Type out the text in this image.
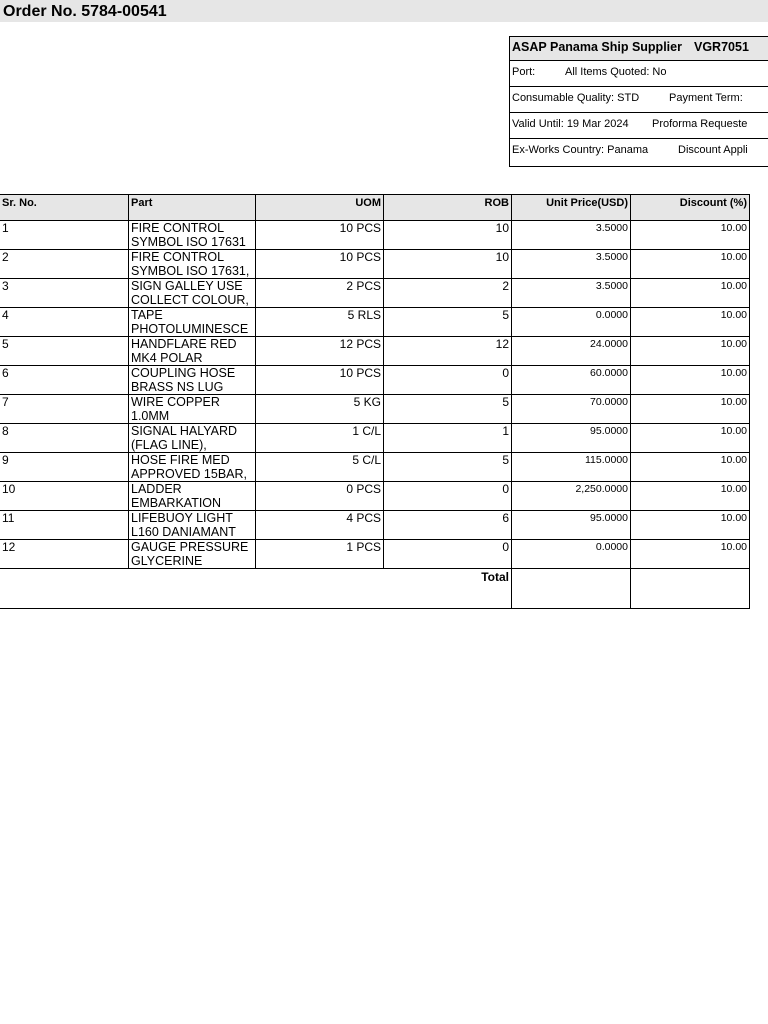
Order No. 5784-00541
ASAP Panama Ship Supplier VGR7051
Port:	All Items Quoted: No
Consumable Quality: STD	Payment Term:
Valid Until: 19 Mar 2024 Proforma Requeste
Ex-Works Country: Panama	Discount Appli
Sr. No.	Part	UOM	ROB	Unit Price(USD)	Discount (%)
1	FIRE CONTROL SYMBOL ISO 17631	10 PCS	10	3.5000	10.00
2	FIRE CONTROL SYMBOL ISO 17631,	10 PCS	10	3.5000	10.00
3	SIGN GALLEY USE COLLECT COLOUR,	2 PCS	2	3.5000	10.00
4	TAPE PHOTOLUMINESCE	5 RLS	5	0.0000	10.00
5	HANDFLARE RED MK4 POLAR	12 PCS	12	24.0000	10.00
6	COUPLING HOSE BRASS NS LUG	10 PCS	0	60.0000	10.00
7	WIRE COPPER 1.0MM	5 KG	5	70.0000	10.00
8	SIGNAL HALYARD (FLAG LINE),	1 C/L	1	95.0000	10.00
9	HOSE FIRE MED APPROVED 15BAR,	5 C/L	5	115.0000	10.00
10	LADDER EMBARKATION	0 PCS	0	2,250.0000	10.00
11	LIFEBUOY LIGHT L160 DANIAMANT	4 PCS	6	95.0000	10.00
12	GAUGE PRESSURE GLYCERINE	1 PCS	0	0.0000	10.00
			Total		
